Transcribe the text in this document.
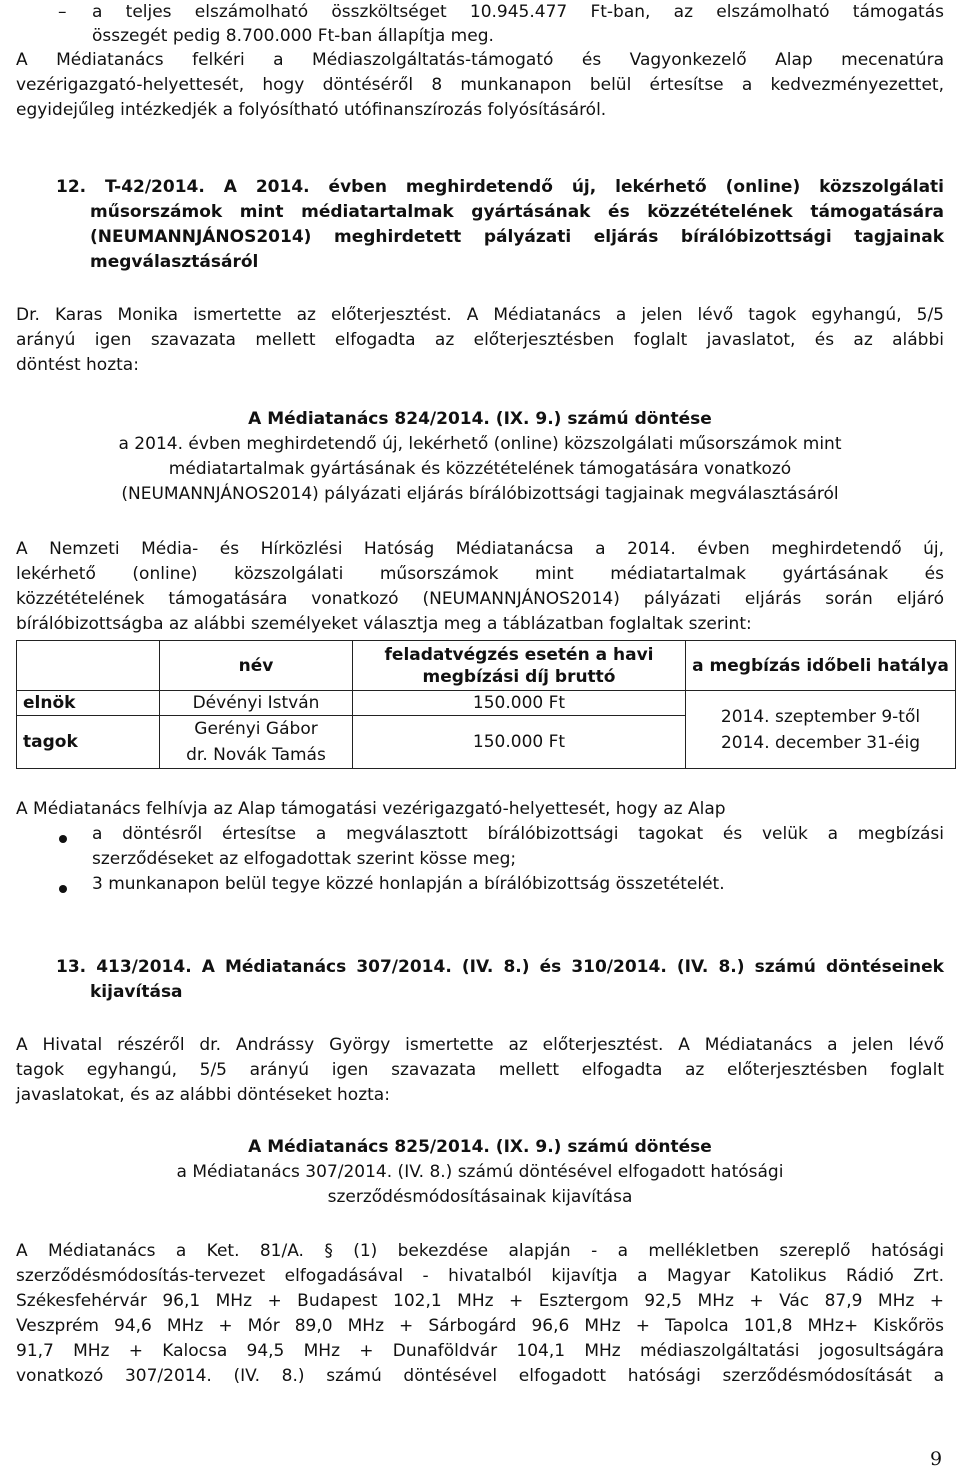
– a teljes elszámolható összköltséget 10.945.477 Ft-ban, az elszámolható támogatás
összegét pedig 8.700.000 Ft-ban állapítja meg.
A Médiatanács felkéri a Médiaszolgáltatás-támogató és Vagyonkezelő Alap mecenatúra
vezérigazgató-helyettesét, hogy döntéséről 8 munkanapon belül értesítse a kedvezményezettet,
egyidejűleg intézkedjék a folyósítható utófinanszírozás folyósításáról.
12. T-42/2014. A 2014. évben meghirdetendő új, lekérhető (online) közszolgálati
műsorszámok mint médiatartalmak gyártásának és közzétételének támogatására
(NEUMANNJÁNOS2014) meghirdetett pályázati eljárás bírálóbizottsági tagjainak
megválasztásáról
Dr. Karas Monika ismertette az előterjesztést. A Médiatanács a jelen lévő tagok egyhangú, 5/5
arányú igen szavazata mellett elfogadta az előterjesztésben foglalt javaslatot, és az alábbi
döntést hozta:
A Médiatanács 824/2014. (IX. 9.) számú döntése
a 2014. évben meghirdetendő új, lekérhető (online) közszolgálati műsorszámok mint
médiatartalmak gyártásának és közzétételének támogatására vonatkozó
(NEUMANNJÁNOS2014) pályázati eljárás bírálóbizottsági tagjainak megválasztásáról
A Nemzeti Média- és Hírközlési Hatóság Médiatanácsa a 2014. évben meghirdetendő új,
lekérhető (online) közszolgálati műsorszámok mint médiatartalmak gyártásának és
közzétételének támogatására vonatkozó (NEUMANNJÁNOS2014) pályázati eljárás során eljáró
bírálóbizottságba az alábbi személyeket választja meg a táblázatban foglaltak szerint:
	név	feladatvégzés esetén a havi
megbízási díj bruttó	a megbízás időbeli hatálya
elnök	Dévényi István	150.000 Ft	2014. szeptember 9-től
2014. december 31-éig

tagok	Gerényi Gábor
dr. Novák Tamás	150.000 Ft	
A Médiatanács felhívja az Alap támogatási vezérigazgató-helyettesét, hogy az Alap
a döntésről értesítse a megválasztott bírálóbizottsági tagokat és velük a megbízási
szerződéseket az elfogadottak szerint kösse meg;
3 munkanapon belül tegye közzé honlapján a bírálóbizottság összetételét.
13. 413/2014. A Médiatanács 307/2014. (IV. 8.) és 310/2014. (IV. 8.) számú döntéseinek
kijavítása
A Hivatal részéről dr. Andrássy György ismertette az előterjesztést. A Médiatanács a jelen lévő
tagok egyhangú, 5/5 arányú igen szavazata mellett elfogadta az előterjesztésben foglalt
javaslatokat, és az alábbi döntéseket hozta:
A Médiatanács 825/2014. (IX. 9.) számú döntése
a Médiatanács 307/2014. (IV. 8.) számú döntésével elfogadott hatósági
szerződésmódosításainak kijavítása
A Médiatanács a Ket. 81/A. § (1) bekezdése alapján - a mellékletben szereplő hatósági
szerződésmódosítás-tervezet elfogadásával - hivatalból kijavítja a Magyar Katolikus Rádió Zrt.
Székesfehérvár 96,1 MHz + Budapest 102,1 MHz + Esztergom 92,5 MHz + Vác 87,9 MHz +
Veszprém 94,6 MHz + Mór 89,0 MHz + Sárbogárd 96,6 MHz + Tapolca 101,8 MHz+ Kiskőrös
91,7 MHz + Kalocsa 94,5 MHz + Dunaföldvár 104,1 MHz médiaszolgáltatási jogosultságára
vonatkozó 307/2014. (IV. 8.) számú döntésével elfogadott hatósági szerződésmódosítását a
9
